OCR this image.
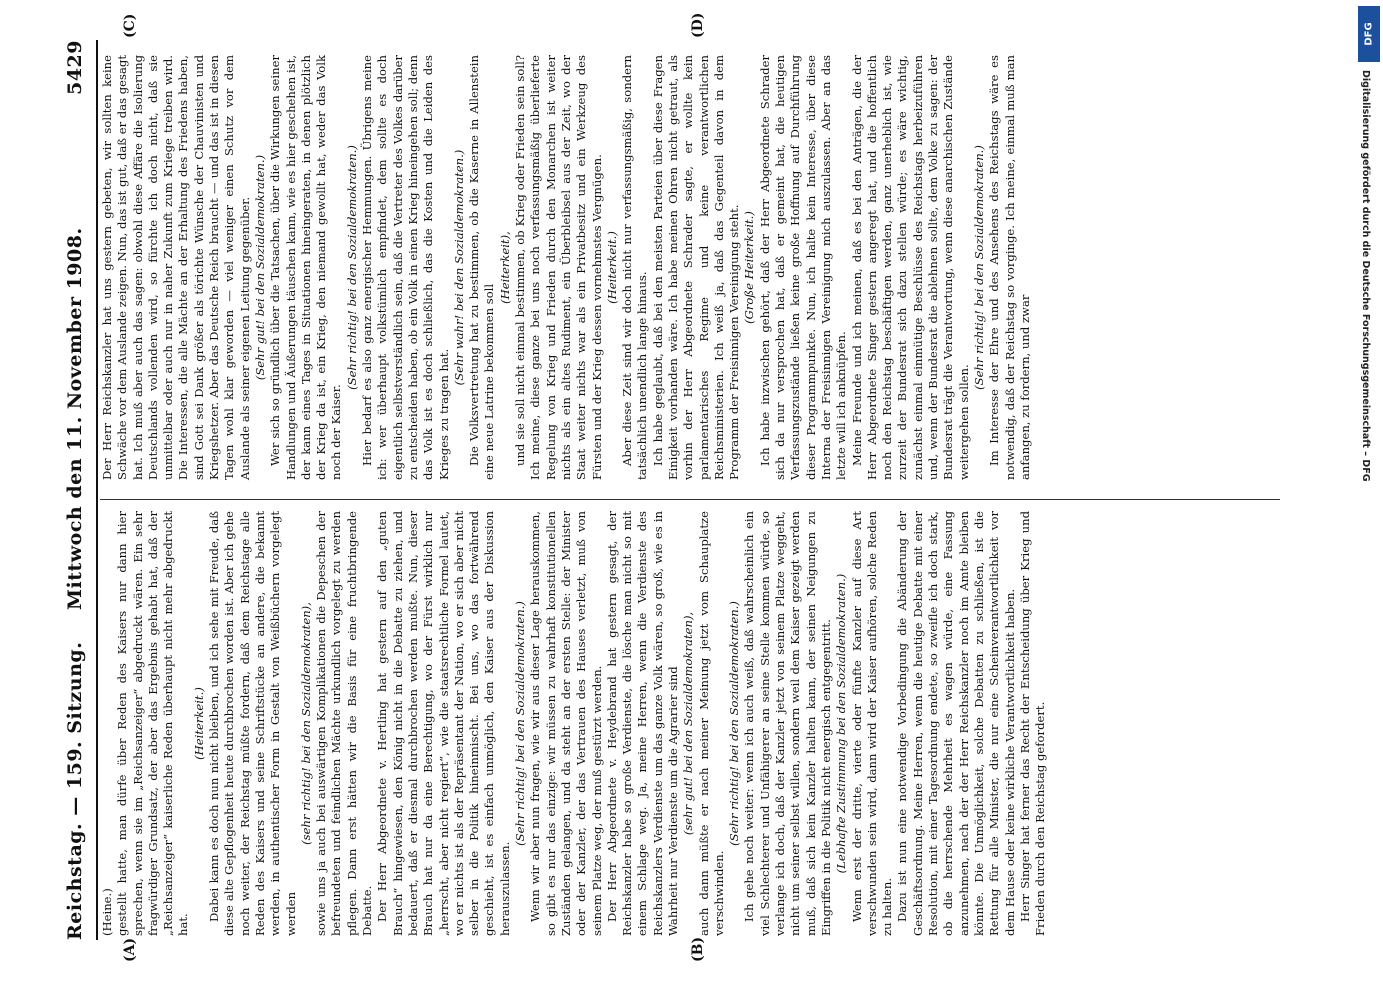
DFG
Digitalisierung gefördert durch die Deutsche Forschungsgemeinschaft – DFG
Reichstag. — 159. Sitzung.
Mittwoch den 11. November 1908.
5429
(A)	(B)
(C)	(D)

(Heine.) gestellt hatte, man dürfe über Reden des Kaisers nur dann hier sprechen, wenn sie im „Reichsanzeiger“ abgedruckt wären. Ein sehr fragwürdiger Grundsatz, der aber das Ergebnis gehabt hat, daß der „Reichsanzeiger“ kaiserliche Reden überhaupt nicht mehr abgedruckt hat.

(Heiterkeit.) Dabei kann es doch nun nicht bleiben, und ich sehe mit Freude, daß diese alte Gepflogenheit heute durchbrochen worden ist. Aber ich gehe noch weiter, der Reichstag müßte fordern, daß dem Reichstage alle Reden des Kaisers und seine Schriftstücke an andere, die bekannt werden, in authentischer Form in Gestalt von Weißbüchern vorgelegt werden

(sehr richtig! bei den Sozialdemokraten), sowie uns ja auch bei auswärtigen Komplikationen die Depeschen der befreundeten und feindlichen Mächte urkundlich vorgelegt zu werden pflegen. Dann erst hätten wir die Basis für eine fruchtbringende Debatte. Der Herr Abgeordnete v. Hertling hat gestern auf den „guten Brauch“ hingewiesen, den König nicht in die Debatte zu ziehen, und bedauert, daß er diesmal durchbrochen werden mußte. Nun, dieser Brauch hat nur da eine Berechtigung, wo der Fürst wirklich nur „herrscht, aber nicht regiert“, wie die staatsrechtliche Formel lautet, wo er nichts ist als der Repräsentant der Nation, wo er sich aber nicht selber in die Politik hineinmischt. Bei uns, wo das fortwährend geschieht, ist es einfach unmöglich, den Kaiser aus der Diskussion herauszulassen.

(Sehr richtig! bei den Sozialdemokraten.) Wenn wir aber nun fragen, wie wir aus dieser Lage herauskommen, so gibt es nur das einzige: wir müssen zu wahrhaft konstitutionellen Zuständen gelangen, und da steht an der ersten Stelle: der Minister oder der Kanzler, der das Vertrauen des Hauses verletzt, muß von seinem Platze weg, der muß gestürzt werden. Der Herr Abgeordnete v. Heydebrand hat gestern gesagt, der Reichskanzler habe so große Verdienste, die lösche man nicht so mit einem Schlage weg. Ja, meine Herren, wenn die Verdienste des Reichskanzlers Verdienste um das ganze Volk wären, so groß, wie es in Wahrheit nur Verdienste um die Agrarier sind (sehr gut! bei den Sozialdemokraten), auch dann müßte er nach meiner Meinung jetzt vom Schauplatze verschwinden.

(Sehr richtig! bei den Sozialdemokraten.) Ich gehe noch weiter: wenn ich auch weiß, daß wahrscheinlich ein viel Schlechterer und Unfähigerer an seine Stelle kommen würde, so verlange ich doch, daß der Kanzler jetzt von seinem Platze weggeht, nicht um seiner selbst willen, sondern weil dem Kaiser gezeigt werden muß, daß sich kein Kanzler halten kann, der seinen Neigungen zu Eingriffen in die Politik nicht energisch entgegentritt. (Lebhafte Zustimmung bei den Sozialdemokraten.) Wenn erst der dritte, vierte oder fünfte Kanzler auf diese Art verschwunden sein wird, dann wird der Kaiser aufhören, solche Reden zu halten. Dazu ist nun eine notwendige Vorbedingung die Abänderung der Geschäftsordnung. Meine Herren, wenn die heutige Debatte mit einer Resolution, mit einer Tagesordnung endete, so zweifle ich doch stark, ob die herrschende Mehrheit es wagen würde, eine Fassung anzunehmen, nach der der Herr Reichskanzler noch im Amte bleiben könnte. Die Unmöglichkeit, solche Debatten zu schließen, ist die Rettung für alle Minister, die nur eine Scheinverantwortlichkeit vor dem Hause oder keine wirkliche Verantwortlichkeit haben. Herr Singer hat ferner das Recht der Entscheidung über Krieg und Frieden durch den Reichstag gefordert.

Der Herr Reichskanzler hat uns gestern gebeten, wir sollten keine Schwäche vor dem Auslande zeigen. Nun, das ist gut, daß er das gesagt hat. Ich muß aber auch das sagen: obwohl diese Affäre die Isolierung Deutschlands vollenden wird, so fürchte ich doch nicht, daß sie unmittelbar oder auch nur in naher Zukunft zum Kriege treiben wird. Die Interessen, die alle Mächte an der Erhaltung des Friedens haben, sind Gott sei Dank größer als törichte Wünsche der Chauvinisten und Kriegshetzer. Aber das Deutsche Reich braucht — und das ist in diesen Tagen wohl klar geworden — viel weniger einen Schutz vor dem Auslande als seiner eigenen Leitung gegenüber. (Sehr gut! bei den Sozialdemokraten.) Wer sich so gründlich über die Tatsachen, über die Wirkungen seiner Handlungen und Äußerungen täuschen kann, wie es hier geschehen ist, der kann eines Tages in Situationen hineingeraten, in denen plötzlich der Krieg da ist, ein Krieg, den niemand gewollt hat, weder das Volk noch der Kaiser.

(Sehr richtig! bei den Sozialdemokraten.) Hier bedarf es also ganz energischer Hemmungen. Übrigens meine ich: wer überhaupt volkstümlich empfindet, dem sollte es doch eigentlich selbstverständlich sein, daß die Vertreter des Volkes darüber zu entscheiden haben, ob ein Volk in einen Krieg hineingehen soll; denn das Volk ist es doch schließlich, das die Kosten und die Leiden des Krieges zu tragen hat.

(Sehr wahr! bei den Sozialdemokraten.) Die Volksvertretung hat zu bestimmen, ob die Kaserne in Allenstein eine neue Latrine bekommen soll

(Heiterkeit), und sie soll nicht einmal bestimmen, ob Krieg oder Frieden sein soll? Ich meine, diese ganze bei uns noch verfassungsmäßig überlieferte Regelung von Krieg und Frieden durch den Monarchen ist weiter nichts als ein altes Rudiment, ein Überbleibsel aus der Zeit, wo der Staat weiter nichts war als ein Privatbesitz und ein Werkzeug des Fürsten und der Krieg dessen vornehmstes Vergnügen. (Heiterkeit.) Aber diese Zeit sind wir doch nicht nur verfassungsmäßig, sondern tatsächlich unendlich lange hinaus. Ich habe geglaubt, daß bei den meisten Parteien über diese Fragen Einigkeit vorhanden wäre. Ich habe meinen Ohren nicht getraut, als vorhin der Herr Abgeordnete Schrader sagte, er wollte kein parlamentarisches Regime und keine verantwortlichen Reichsministerien. Ich weiß ja, daß das Gegenteil davon in dem Programm der Freisinnigen Vereinigung steht. (Große Heiterkeit.) Ich habe inzwischen gehört, daß der Herr Abgeordnete Schrader sich da nur versprochen hat, daß er gemeint hat, die heutigen Verfassungszustände ließen keine große Hoffnung auf Durchführung dieser Programmpunkte. Nun, ich halte kein Interesse, über diese Interna der Freisinnigen Vereinigung mich auszulassen. Aber an das letzte will ich anknüpfen. Meine Freunde und ich meinen, daß es bei den Anträgen, die der Herr Abgeordnete Singer gestern angeregt hat, und die hoffentlich noch den Reichstag beschäftigen werden, ganz unerheblich ist, wie zurzeit der Bundesrat sich dazu stellen würde; es wäre wichtig, zunächst einmal einmütige Beschlüsse des Reichstags herbeizuführen und, wenn der Bundesrat die ablehnen sollte, dem Volke zu sagen: der Bundesrat trägt die Verantwortung, wenn diese anarchischen Zustände weitergehen sollen.

(Sehr richtig! bei den Sozialdemokraten.) Im Interesse der Ehre und des Ansehens des Reichstags wäre es notwendig, daß der Reichstag so vorginge. Ich meine, einmal muß man anfangen, zu fordern, und zwar
